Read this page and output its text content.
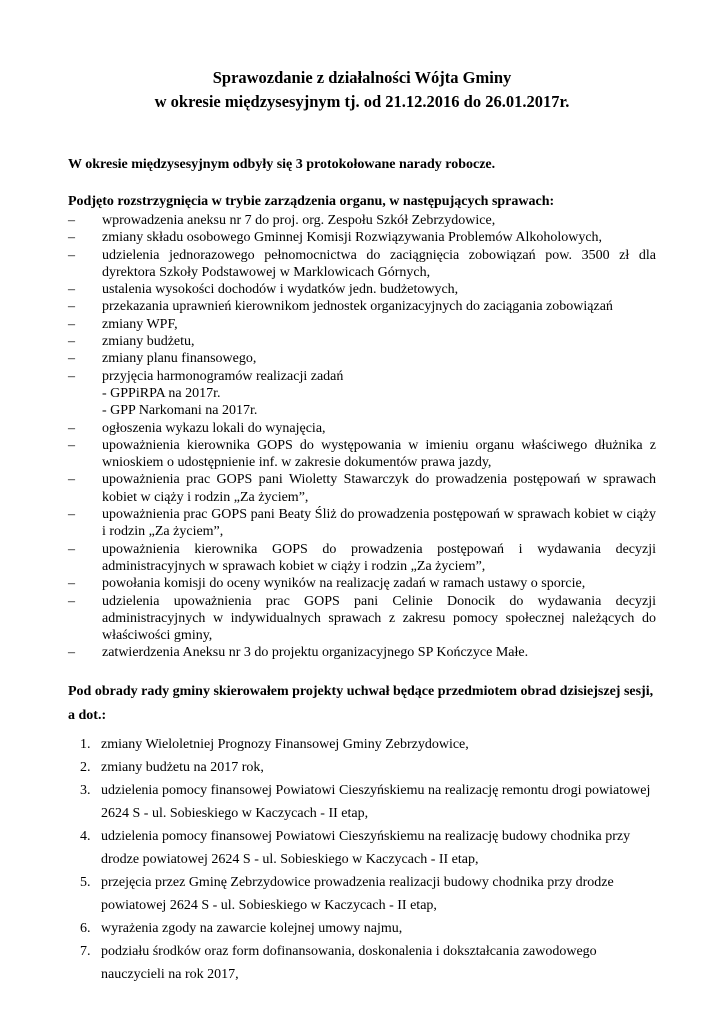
Sprawozdanie z działalności Wójta Gminy
w okresie międzysesyjnym tj. od 21.12.2016 do 26.01.2017r.
W okresie międzysesyjnym odbyły się 3 protokołowane narady robocze.
Podjęto rozstrzygnięcia w trybie zarządzenia organu, w następujących sprawach:
– wprowadzenia aneksu nr 7 do proj. org. Zespołu Szkół Zebrzydowice,
– zmiany składu osobowego Gminnej Komisji Rozwiązywania Problemów Alkoholowych,
– udzielenia jednorazowego pełnomocnictwa do zaciągnięcia zobowiązań pow. 3500 zł dla dyrektora Szkoły Podstawowej w Marklowicach Górnych,
– ustalenia wysokości dochodów i wydatków jedn. budżetowych,
– przekazania uprawnień kierownikom jednostek organizacyjnych do zaciągania zobowiązań
– zmiany WPF,
– zmiany budżetu,
– zmiany planu finansowego,
– przyjęcia harmonogramów realizacji zadań
- GPPiRPA na 2017r.
- GPP Narkomani na 2017r.
– ogłoszenia wykazu lokali do wynajęcia,
– upoważnienia kierownika GOPS do występowania w imieniu organu właściwego dłużnika z wnioskiem o udostępnienie inf. w zakresie dokumentów prawa jazdy,
– upoważnienia prac GOPS pani Wioletty Stawarczyk do prowadzenia postępowań w sprawach kobiet w ciąży i rodzin „Za życiem”,
– upoważnienia prac GOPS pani Beaty Śliż do prowadzenia postępowań w sprawach kobiet w ciąży      i rodzin „Za życiem”,
– upoważnienia kierownika GOPS do prowadzenia postępowań i wydawania decyzji administracyjnych w sprawach kobiet w ciąży i rodzin „Za życiem”,
– powołania komisji do oceny wyników na realizację zadań w ramach ustawy o sporcie,
– udzielenia upoważnienia prac GOPS pani Celinie Donocik do wydawania decyzji administracyjnych w indywidualnych sprawach z zakresu pomocy społecznej należących do właściwości gminy,
– zatwierdzenia Aneksu nr 3 do projektu organizacyjnego SP Kończyce Małe.
Pod obrady rady gminy skierowałem projekty uchwał będące przedmiotem obrad dzisiejszej sesji, a dot.:
1. zmiany Wieloletniej Prognozy Finansowej Gminy Zebrzydowice,
2. zmiany budżetu na 2017 rok,
3. udzielenia pomocy finansowej Powiatowi Cieszyńskiemu na realizację remontu drogi powiatowej 2624 S - ul. Sobieskiego w Kaczycach - II etap,
4. udzielenia pomocy finansowej Powiatowi Cieszyńskiemu na realizację budowy chodnika przy drodze powiatowej 2624 S - ul. Sobieskiego w Kaczycach - II etap,
5. przejęcia przez Gminę Zebrzydowice prowadzenia realizacji budowy chodnika przy drodze powiatowej 2624 S - ul. Sobieskiego w Kaczycach - II etap,
6. wyrażenia zgody na zawarcie kolejnej umowy najmu,
7. podziału środków oraz form dofinansowania, doskonalenia i dokształcania zawodowego nauczycieli na rok 2017,
